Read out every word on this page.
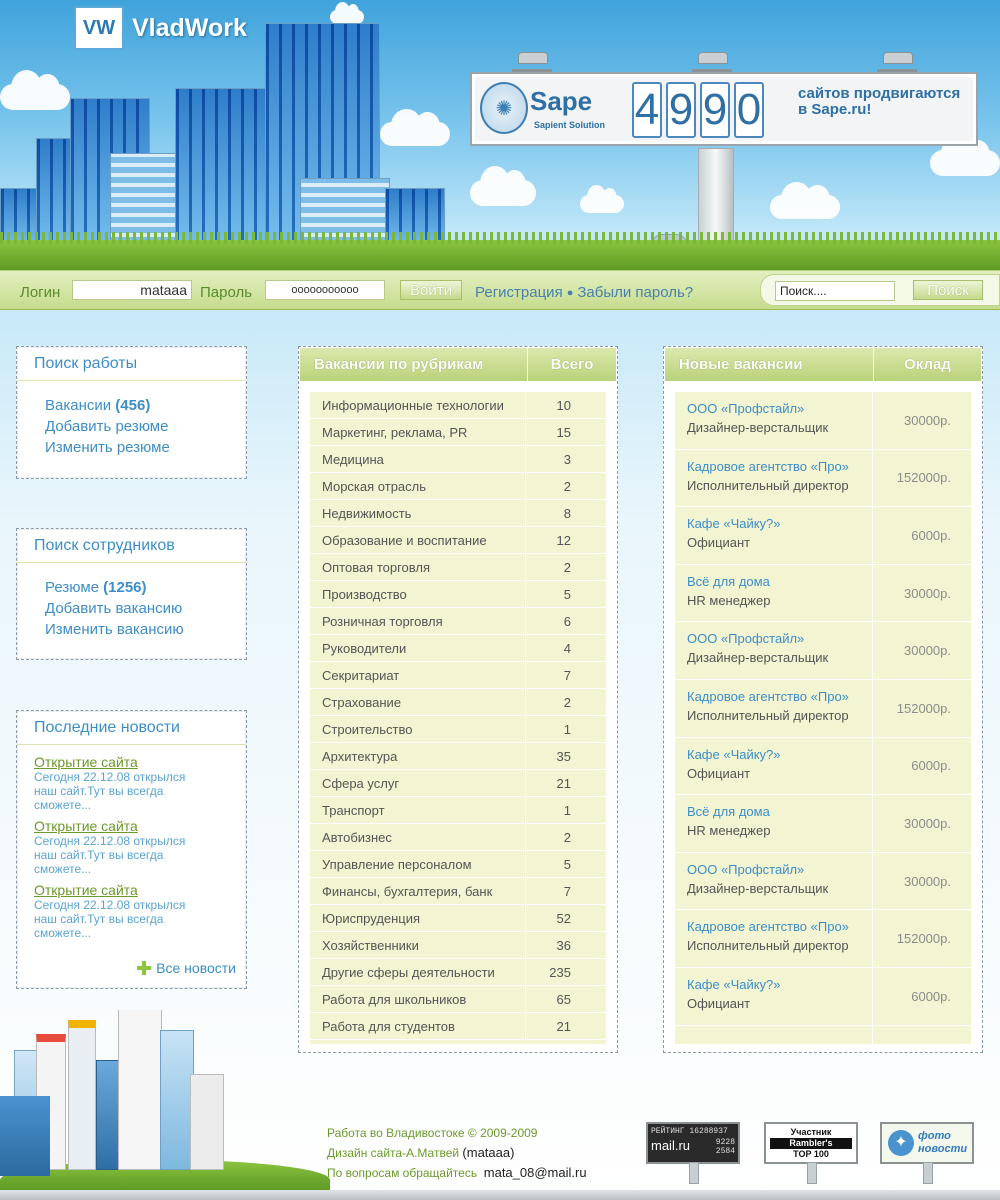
VW VladWork
✺ Sape
Sapient Solution 4 9 9 0 сайтов продвигаются в Sape.ru!
Логин
mataaa	Пароль
ooooooooooo	Войти	Регистрация ● Забыли пароль?
Поиск....	Поиск
Поиск работы
Вакансии (456)
Добавить резюме
Изменить резюме
Поиск сотрудников
Резюме (1256)
Добавить вакансию
Изменить вакансию
Последние новости
Открытие сайта
Сегодня 22.12.08 открылся наш сайт.Тут вы всегда сможете...
Открытие сайта
Сегодня 22.12.08 открылся наш сайт.Тут вы всегда сможете...
Открытие сайта
Сегодня 22.12.08 открылся наш сайт.Тут вы всегда сможете...
Все новости
Вакансии по рубрикам	Всего
Информационные технологии	10
Маркетинг, реклама, PR	15
Медицина	3
Морская отрасль	2
Недвижимость	8
Образование и воспитание	12
Оптовая торговля	2
Производство	5
Розничная торговля	6
Руководители	4
Секритариат	7
Страхование	2
Строительство	1
Архитектура	35
Сфера услуг	21
Транспорт	1
Автобизнес	2
Управление персоналом	5
Финансы, бухгалтерия, банк	7
Юриспруденция	52
Хозяйственники	36
Другие сферы деятельности	235
Работа для школьников	65
Работа для студентов	21
Новые вакансии	Оклад
ООО «Профстайл»
Дизайнер-верстальщик	30000р.
Кадровое агентство «Про»
Исполнительный директор	152000р.
Кафе «Чайку?»
Официант	6000р.
Всё для дома
HR менеджер	30000р.
ООО «Профстайл»
Дизайнер-верстальщик	30000р.
Кадровое агентство «Про»
Исполнительный директор	152000р.
Кафе «Чайку?»
Официант	6000р.
Всё для дома
HR менеджер	30000р.
ООО «Профстайл»
Дизайнер-верстальщик	30000р.
Кадровое агентство «Про»
Исполнительный директор	152000р.
Кафе «Чайку?»
Официант	6000р.
Работа во Владивостоке © 2009-2009
Дизайн сайта-А.Матвей (mataaa)
По вопросам обращайтесь mata_08@mail.ru
РЕЙТИНГ 16288937
mail.ru	9228
2584
Участник
Rambler's
TOP 100
✦ фото новости
